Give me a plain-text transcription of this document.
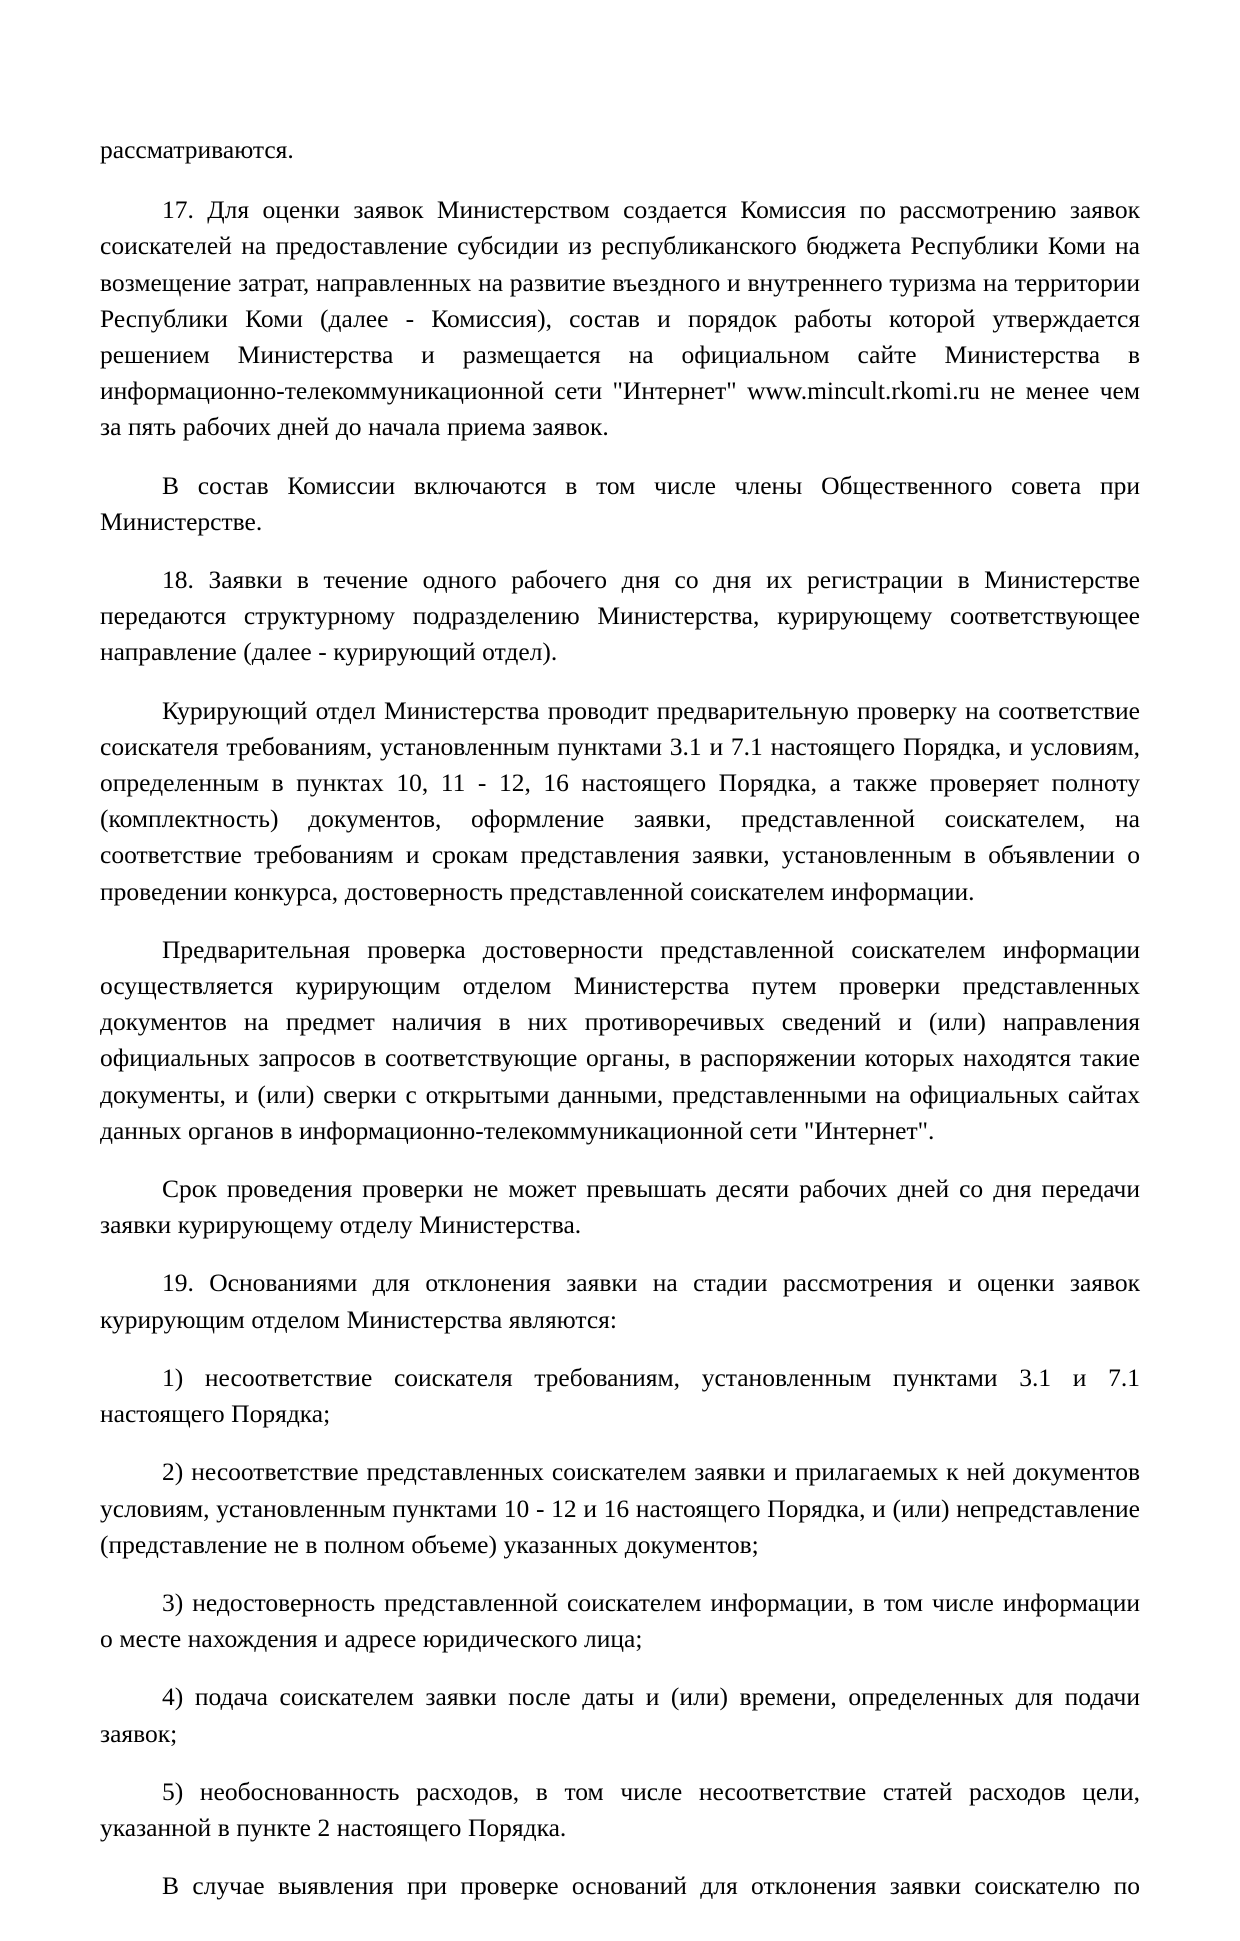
рассматриваются.

17. Для оценки заявок Министерством создается Комиссия по рассмотрению заявок соискателей на предоставление субсидии из республиканского бюджета Республики Коми на возмещение затрат, направленных на развитие въездного и внутреннего туризма на территории Республики Коми (далее - Комиссия), состав и порядок работы которой утверждается решением Министерства и размещается на официальном сайте Министерства в информационно-телекоммуникационной сети "Интернет" www.mincult.rkomi.ru не менее чем за пять рабочих дней до начала приема заявок.

В состав Комиссии включаются в том числе члены Общественного совета при Министерстве.

18. Заявки в течение одного рабочего дня со дня их регистрации в Министерстве передаются структурному подразделению Министерства, курирующему соответствующее направление (далее - курирующий отдел).

Курирующий отдел Министерства проводит предварительную проверку на соответствие соискателя требованиям, установленным пунктами 3.1 и 7.1 настоящего Порядка, и условиям, определенным в пунктах 10, 11 - 12, 16 настоящего Порядка, а также проверяет полноту (комплектность) документов, оформление заявки, представленной соискателем, на соответствие требованиям и срокам представления заявки, установленным в объявлении о проведении конкурса, достоверность представленной соискателем информации.

Предварительная проверка достоверности представленной соискателем информации осуществляется курирующим отделом Министерства путем проверки представленных документов на предмет наличия в них противоречивых сведений и (или) направления официальных запросов в соответствующие органы, в распоряжении которых находятся такие документы, и (или) сверки с открытыми данными, представленными на официальных сайтах данных органов в информационно-телекоммуникационной сети "Интернет".

Срок проведения проверки не может превышать десяти рабочих дней со дня передачи заявки курирующему отделу Министерства.

19. Основаниями для отклонения заявки на стадии рассмотрения и оценки заявок курирующим отделом Министерства являются:

1) несоответствие соискателя требованиям, установленным пунктами 3.1 и 7.1 настоящего Порядка;

2) несоответствие представленных соискателем заявки и прилагаемых к ней документов условиям, установленным пунктами 10 - 12 и 16 настоящего Порядка, и (или) непредставление (представление не в полном объеме) указанных документов;

3) недостоверность представленной соискателем информации, в том числе информации о месте нахождения и адресе юридического лица;

4) подача соискателем заявки после даты и (или) времени, определенных для подачи заявок;

5) необоснованность расходов, в том числе несоответствие статей расходов цели, указанной в пункте 2 настоящего Порядка.

В случае выявления при проверке оснований для отклонения заявки соискателю по
